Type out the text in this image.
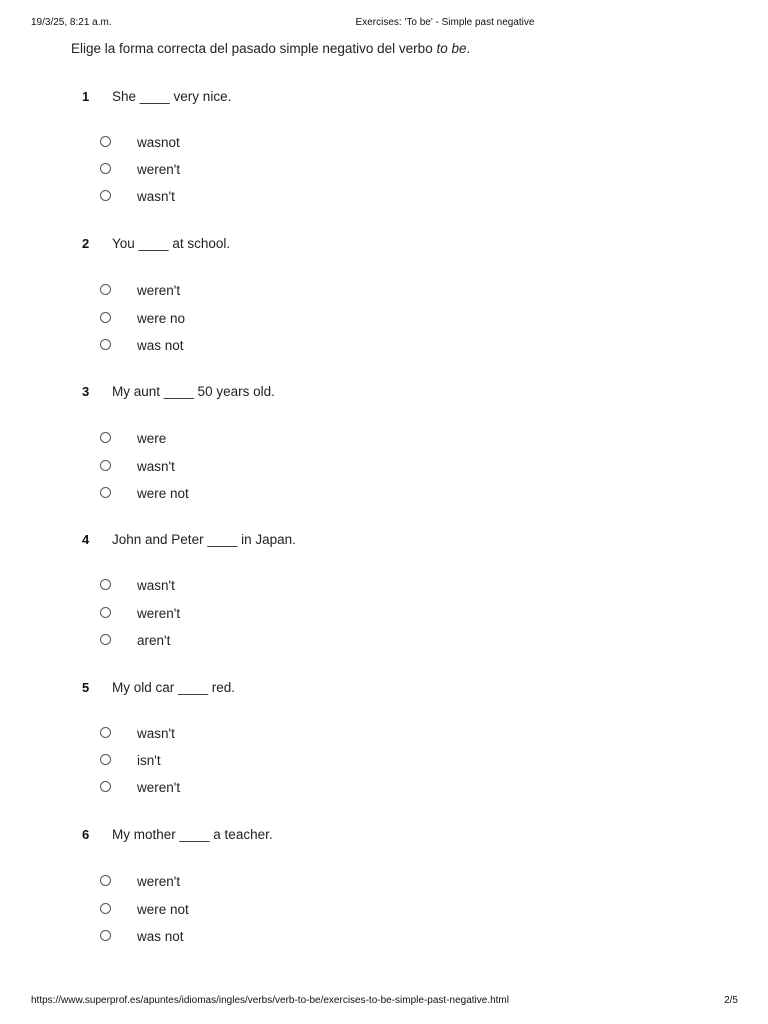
19/3/25, 8:21 a.m.	Exercises: 'To be' - Simple past negative
Elige la forma correcta del pasado simple negativo del verbo to be.
1 She ____ very nice.
wasnot
weren't
wasn't
2 You ____ at school.
weren't
were no
was not
3 My aunt ____ 50 years old.
were
wasn't
were not
4 John and Peter ____ in Japan.
wasn't
weren't
aren't
5 My old car ____ red.
wasn't
isn't
weren't
6 My mother ____ a teacher.
weren't
were not
was not
https://www.superprof.es/apuntes/idiomas/ingles/verbs/verb-to-be/exercises-to-be-simple-past-negative.html	2/5
